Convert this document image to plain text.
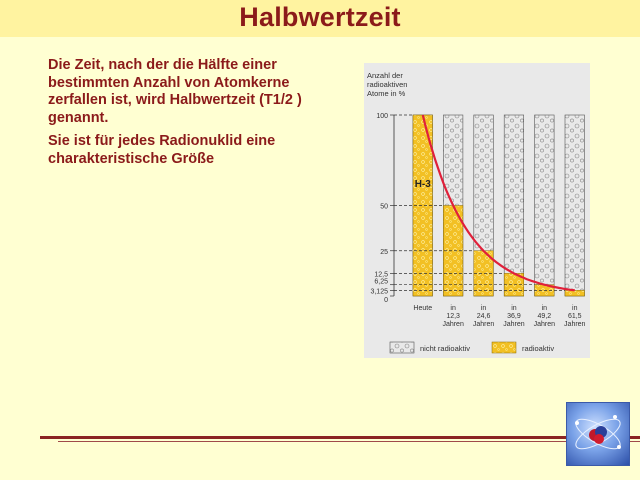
Halbwertzeit
Die Zeit, nach der die Hälfte einer bestimmten Anzahl von Atomkerne zerfallen ist, wird Halbwertzeit (T1/2 ) genannt.
Sie ist für jedes Radionuklid eine charakteristische Größe
Anzahl der
radioaktiven
Atome in %
100
50
25
12,5
6,25
3,125
0
H-3
Heute	in
12,3
Jahren
in
24,6
Jahren
in
36,9
Jahren
in
49,2
Jahren
in
61,5
Jahren
nicht radioaktiv	radioaktiv
